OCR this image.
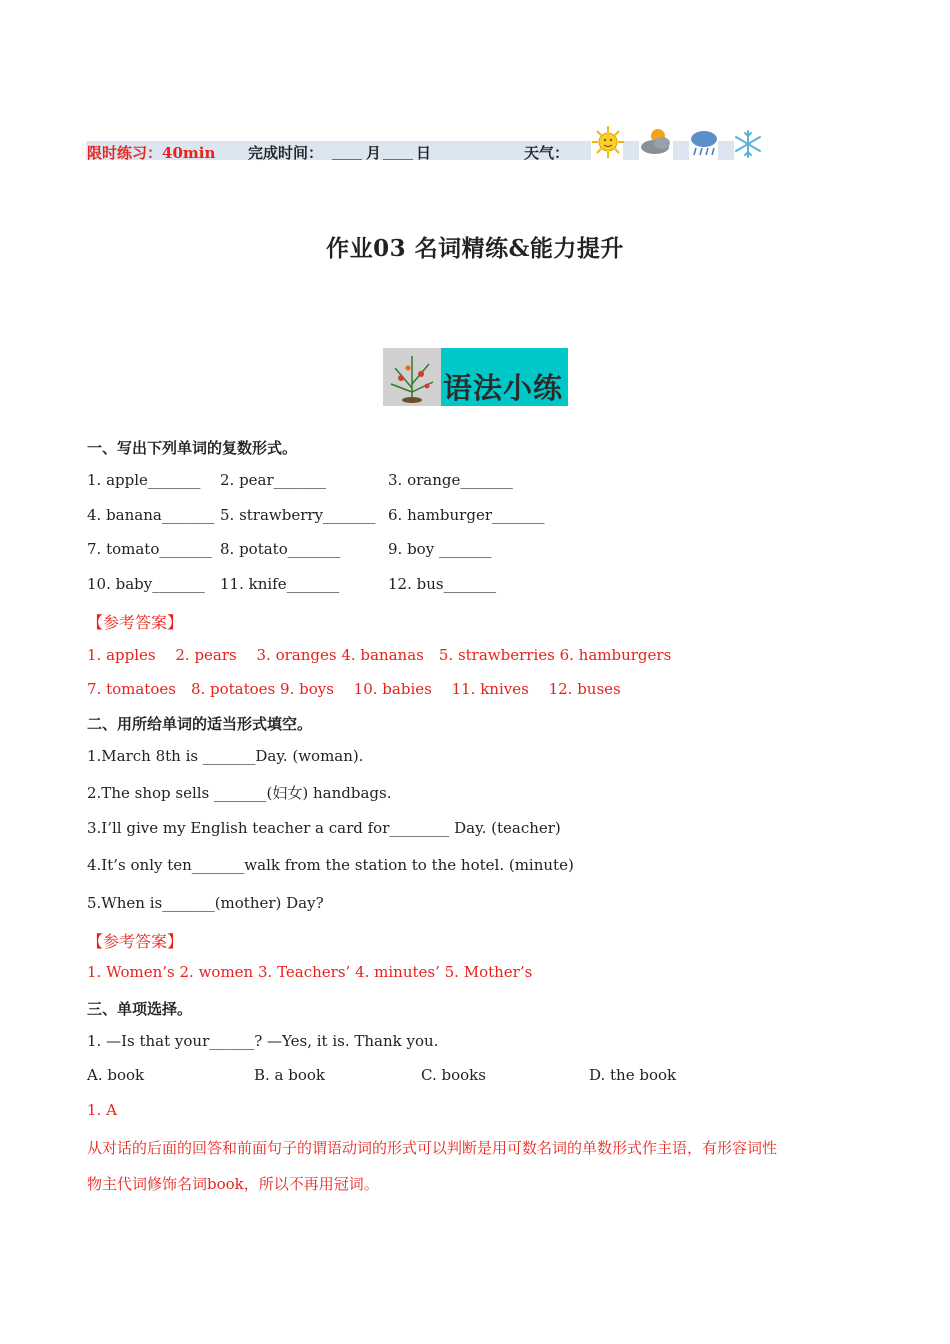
限时练习：40min 完成时间： ____ 月 ____ 日	天气：
作业03 名词精练&能力提升
语法小练
一、写出下列单词的复数形式。
1. apple_______ 2. pear_______	3. orange_______
4. banana_______ 5. strawberry_______ 6. hamburger_______
7. tomato_______ 8. potato_______	9. boy _______
10. baby_______ 11. knife_______	12. bus_______
【参考答案】
1. apples　 2. pears　 3. oranges 4. bananas　5. strawberries 6. hamburgers
7. tomatoes　8. potatoes 9. boys　 10. babies　 11. knives　 12. buses
二、用所给单词的适当形式填空。
1.March 8th is _______Day. (woman).
2.The shop sells _______(妇女) handbags.
3.I’ll give my English teacher a card for________ Day. (teacher)
4.It’s only ten_______walk from the station to the hotel. (minute)
5.When is_______(mother) Day?
【参考答案】
1. Women’s 2. women 3. Teachers’ 4. minutes’ 5. Mother’s
三、单项选择。
1. —Is that your______? —Yes, it is. Thank you.
A. book	B. a book	C. books	D. the book
1. A
从对话的后面的回答和前面句子的谓语动词的形式可以判断是用可数名词的单数形式作主语，有形容词性
物主代词修饰名词book，所以不再用冠词。
